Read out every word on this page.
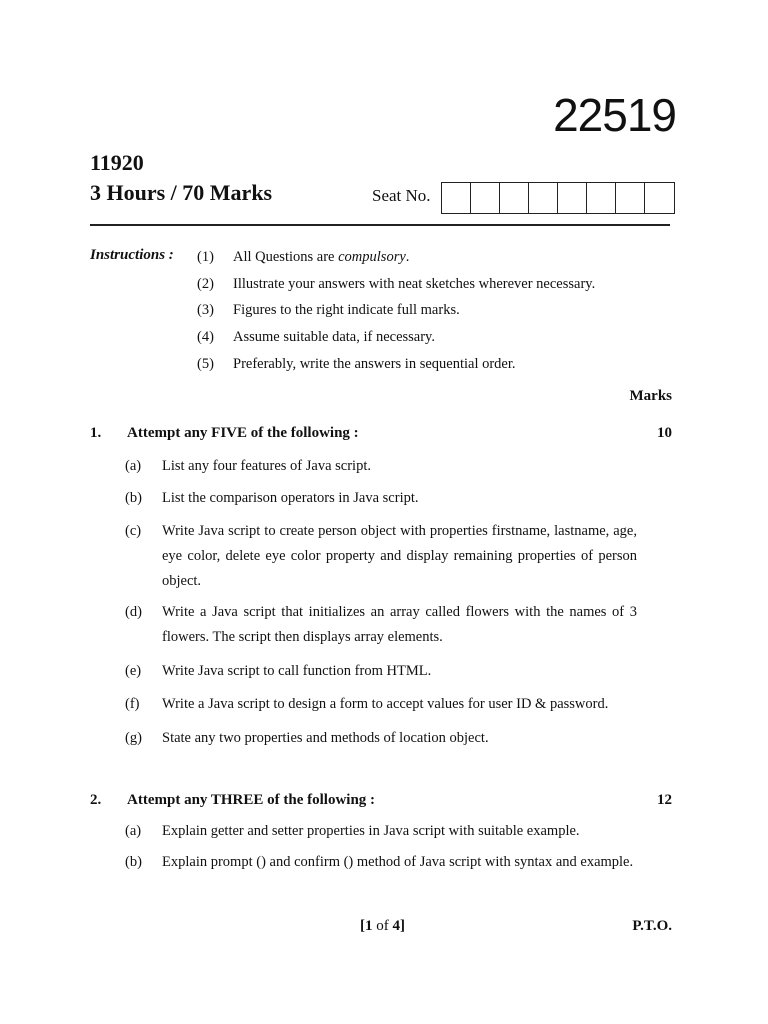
22519
11920
3 Hours / 70 Marks	Seat No.
Instructions : (1) All Questions are compulsory.
(2) Illustrate your answers with neat sketches wherever necessary.
(3) Figures to the right indicate full marks.
(4) Assume suitable data, if necessary.
(5) Preferably, write the answers in sequential order.
Marks
1. Attempt any FIVE of the following :	10
(a) List any four features of Java script.
(b) List the comparison operators in Java script.
(c) Write Java script to create person object with properties firstname, lastname, age, eye color, delete eye color property and display remaining properties of person object.
(d) Write a Java script that initializes an array called flowers with the names of 3 flowers. The script then displays array elements.
(e) Write Java script to call function from HTML.
(f) Write a Java script to design a form to accept values for user ID & password.
(g) State any two properties and methods of location object.
2. Attempt any THREE of the following :	12
(a) Explain getter and setter properties in Java script with suitable example.
(b) Explain prompt () and confirm () method of Java script with syntax and example.
[1 of 4]	P.T.O.
